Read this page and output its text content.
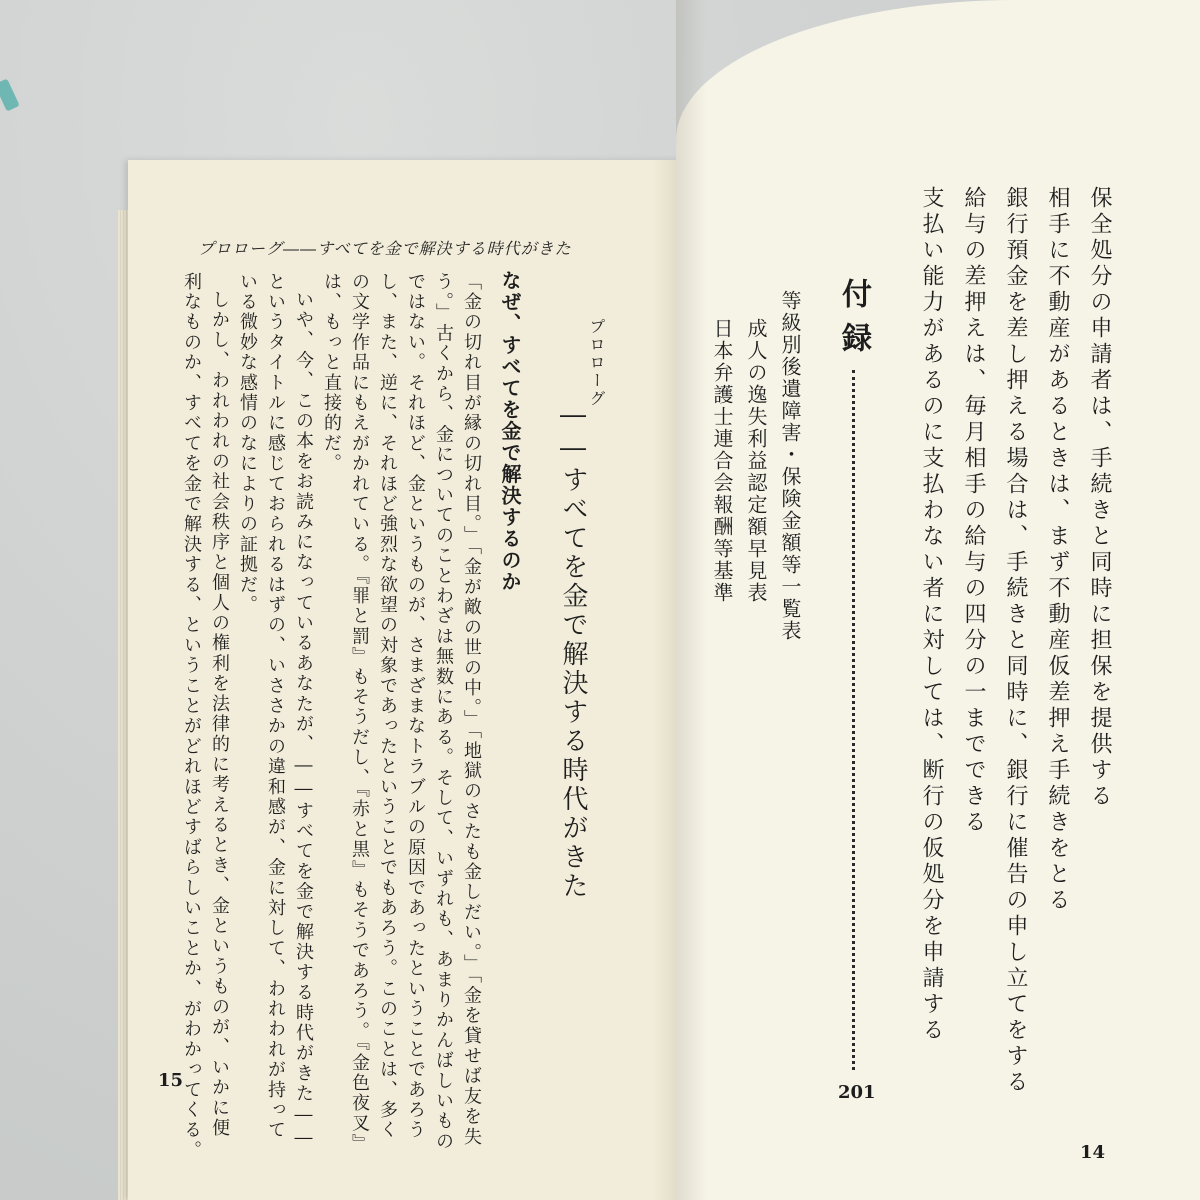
プロローグ――すべてを金で解決する時代がきた
プロローグ
――すべてを金で解決する時代がきた
なぜ、すべてを金で解決するのか
「金の切れ目が縁の切れ目。」「金が敵の世の中。」「地獄のさたも金しだい。」「金を貸せば友を失
う。」古くから、金についてのことわざは無数にある。そして、いずれも、あまりかんばしいもの
ではない。それほど、金というものが、さまざまなトラブルの原因であったということであろう
し、また、逆に、それほど強烈な欲望の対象であったということでもあろう。このことは、多く
の文学作品にもえがかれている。『罪と罰』もそうだし、『赤と黒』もそうであろう。『金色夜叉』
は、もっと直接的だ。
いや、今、この本をお読みになっているあなたが、――すべてを金で解決する時代がきた――
というタイトルに感じておられるはずの、いささかの違和感が、金に対して、われわれが持って
いる微妙な感情のなによりの証拠だ。
しかし、われわれの社会秩序と個人の権利を法律的に考えるとき、金というものが、いかに便
利なものか、すべてを金で解決する、ということがどれほどすばらしいことか、がわかってくる。
15
保全処分の申請者は、手続きと同時に担保を提供する
相手に不動産があるときは、まず不動産仮差押え手続きをとる
銀行預金を差し押える場合は、手続きと同時に、銀行に催告の申し立てをする
給与の差押えは、毎月相手の給与の四分の一までできる
支払い能力があるのに支払わない者に対しては、断行の仮処分を申請する
付録
201
等級別後遺障害・保険金額等一覧表
成人の逸失利益認定額早見表
日本弁護士連合会報酬等基準
14
